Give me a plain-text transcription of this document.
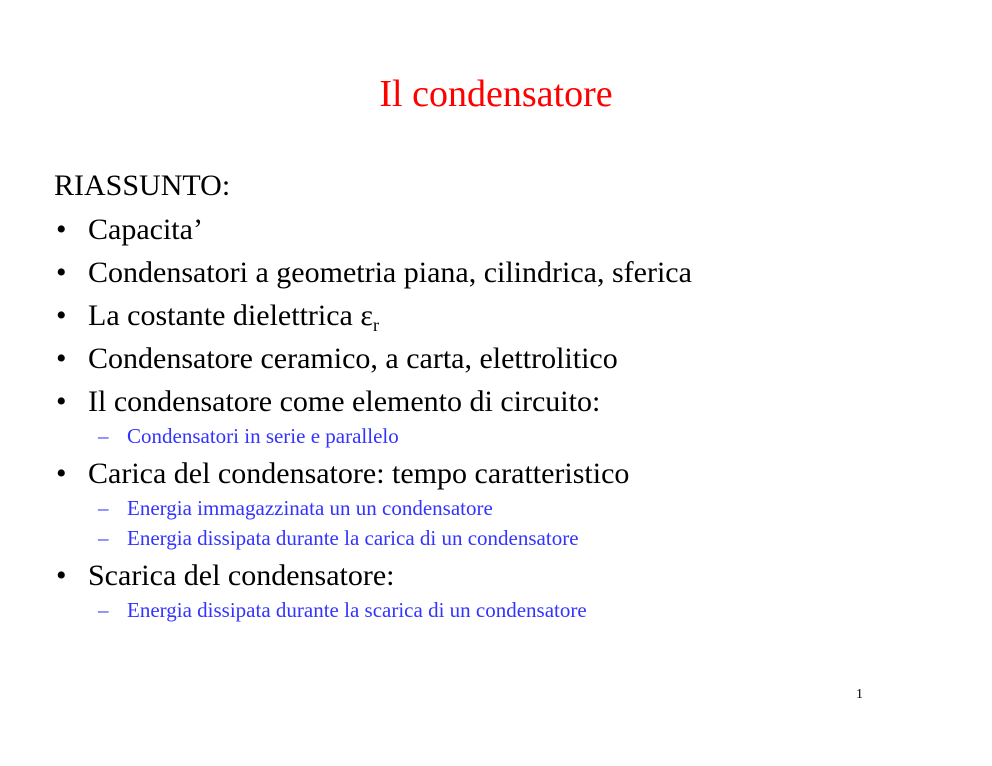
Il condensatore
RIASSUNTO:
• Capacita’
• Condensatori a geometria piana, cilindrica, sferica
• La costante dielettrica $\varepsilon_r$
• Condensatore ceramico, a carta, elettrolitico
• Il condensatore come elemento di circuito:
– Condensatori in serie e parallelo
• Carica del condensatore: tempo caratteristico
– Energia immagazzinata un un condensatore
– Energia dissipata durante la carica di un condensatore
• Scarica del condensatore:
– Energia dissipata durante la scarica di un condensatore
1
